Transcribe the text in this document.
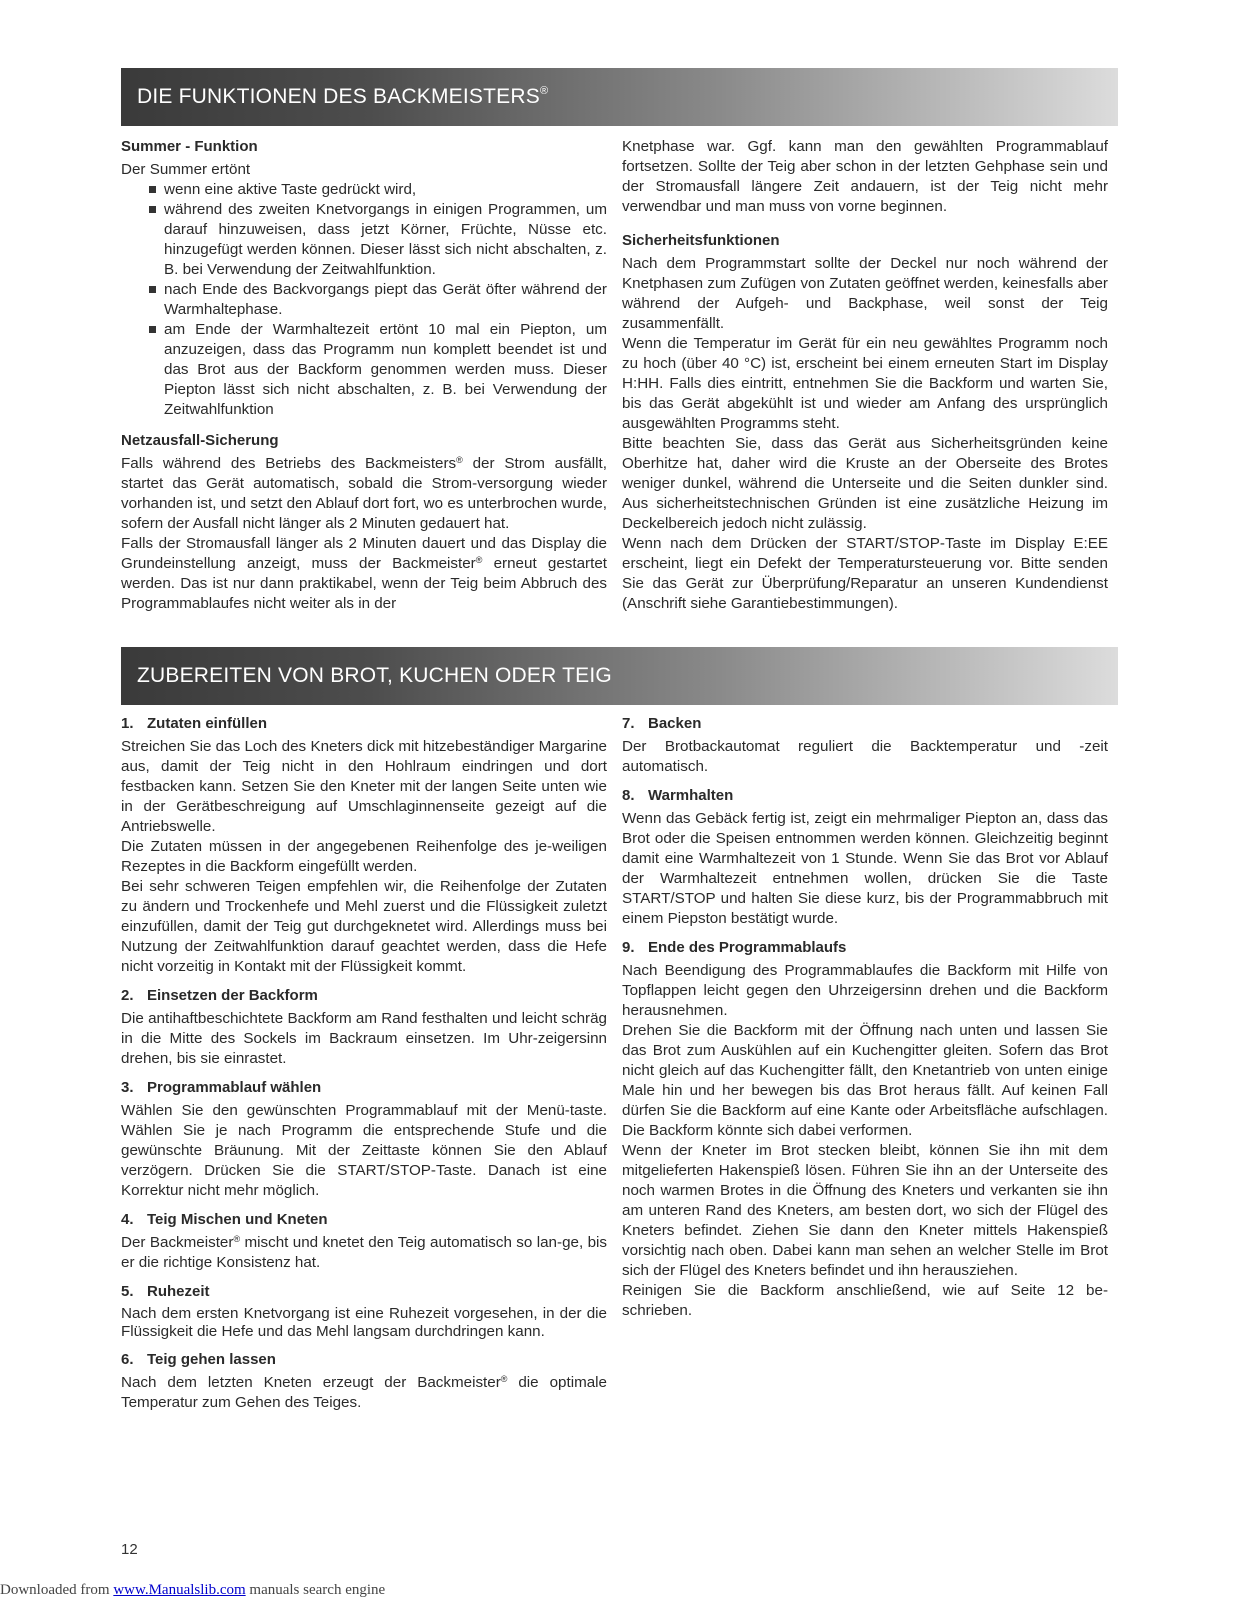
DIE FUNKTIONEN DES BACKMEISTERS®
Summer - Funktion

Der Summer ertönt

wenn eine aktive Taste gedrückt wird,
während des zweiten Knetvorgangs in einigen Programmen, um darauf hinzuweisen, dass jetzt Körner, Früchte, Nüsse etc. hinzugefügt werden können. Dieser lässt sich nicht abschalten, z. B. bei Verwendung der Zeitwahlfunktion.
nach Ende des Backvorgangs piept das Gerät öfter während der Warmhaltephase.
am Ende der Warmhaltezeit ertönt 10 mal ein Piepton, um anzuzeigen, dass das Programm nun komplett beendet ist und das Brot aus der Backform genommen werden muss. Dieser Piepton lässt sich nicht abschalten, z. B. bei Verwendung der Zeitwahlfunktion
Netzausfall-Sicherung

Falls während des Betriebs des Backmeisters® der Strom ausfällt, startet das Gerät automatisch, sobald die Strom-versorgung wieder vorhanden ist, und setzt den Ablauf dort fort, wo es unterbrochen wurde, sofern der Ausfall nicht länger als 2 Minuten gedauert hat.

Falls der Stromausfall länger als 2 Minuten dauert und das Display die Grundeinstellung anzeigt, muss der Backmeister® erneut gestartet werden. Das ist nur dann praktikabel, wenn der Teig beim Abbruch des Programmablaufes nicht weiter als in der

Knetphase war. Ggf. kann man den gewählten Programmablauf fortsetzen. Sollte der Teig aber schon in der letzten Gehphase sein und der Stromausfall längere Zeit andauern, ist der Teig nicht mehr verwendbar und man muss von vorne beginnen.

Sicherheitsfunktionen

Nach dem Programmstart sollte der Deckel nur noch während der Knetphasen zum Zufügen von Zutaten geöffnet werden, keinesfalls aber während der Aufgeh- und Backphase, weil sonst der Teig zusammenfällt.

Wenn die Temperatur im Gerät für ein neu gewähltes Programm noch zu hoch (über 40 °C) ist, erscheint bei einem erneuten Start im Display H:HH. Falls dies eintritt, entnehmen Sie die Backform und warten Sie, bis das Gerät abgekühlt ist und wieder am Anfang des ursprünglich ausgewählten Programms steht.

Bitte beachten Sie, dass das Gerät aus Sicherheitsgründen keine Oberhitze hat, daher wird die Kruste an der Oberseite des Brotes weniger dunkel, während die Unterseite und die Seiten dunkler sind. Aus sicherheitstechnischen Gründen ist eine zusätzliche Heizung im Deckelbereich jedoch nicht zulässig.

Wenn nach dem Drücken der START/STOP-Taste im Display E:EE erscheint, liegt ein Defekt der Temperatursteuerung vor. Bitte senden Sie das Gerät zur Überprüfung/Reparatur an unseren Kundendienst (Anschrift siehe Garantiebestimmungen).

ZUBEREITEN VON BROT, KUCHEN ODER TEIG
1. Zutaten einfüllen

Streichen Sie das Loch des Kneters dick mit hitzebeständiger Margarine aus, damit der Teig nicht in den Hohlraum eindringen und dort festbacken kann. Setzen Sie den Kneter mit der langen Seite unten wie in der Gerätbeschreigung auf Umschlaginnenseite gezeigt auf die Antriebswelle.

Die Zutaten müssen in der angegebenen Reihenfolge des je-weiligen Rezeptes in die Backform eingefüllt werden.

Bei sehr schweren Teigen empfehlen wir, die Reihenfolge der Zutaten zu ändern und Trockenhefe und Mehl zuerst und die Flüssigkeit zuletzt einzufüllen, damit der Teig gut durchgeknetet wird. Allerdings muss bei Nutzung der Zeitwahlfunktion darauf geachtet werden, dass die Hefe nicht vorzeitig in Kontakt mit der Flüssigkeit kommt.

2. Einsetzen der Backform

Die antihaftbeschichtete Backform am Rand festhalten und leicht schräg in die Mitte des Sockels im Backraum einsetzen. Im Uhr-zeigersinn drehen, bis sie einrastet.

3. Programmablauf wählen

Wählen Sie den gewünschten Programmablauf mit der Menü-taste. Wählen Sie je nach Programm die entsprechende Stufe und die gewünschte Bräunung. Mit der Zeittaste können Sie den Ablauf verzögern. Drücken Sie die START/STOP-Taste. Danach ist eine Korrektur nicht mehr möglich.

4. Teig Mischen und Kneten

Der Backmeister® mischt und knetet den Teig automatisch so lan-ge, bis er die richtige Konsistenz hat.

5. Ruhezeit

Nach dem ersten Knetvorgang ist eine Ruhezeit vorgesehen, in der die Flüssigkeit die Hefe und das Mehl langsam durchdringen kann.

6. Teig gehen lassen

Nach dem letzten Kneten erzeugt der Backmeister® die optimale Temperatur zum Gehen des Teiges.

7. Backen

Der Brotbackautomat reguliert die Backtemperatur und -zeit automatisch.

8. Warmhalten

Wenn das Gebäck fertig ist, zeigt ein mehrmaliger Piepton an, dass das Brot oder die Speisen entnommen werden können. Gleichzeitig beginnt damit eine Warmhaltezeit von 1 Stunde. Wenn Sie das Brot vor Ablauf der Warmhaltezeit entnehmen wollen, drücken Sie die Taste START/STOP und halten Sie diese kurz, bis der Programmabbruch mit einem Piepston bestätigt wurde.

9. Ende des Programmablaufs

Nach Beendigung des Programmablaufes die Backform mit Hilfe von Topflappen leicht gegen den Uhrzeigersinn drehen und die Backform herausnehmen.

Drehen Sie die Backform mit der Öffnung nach unten und lassen Sie das Brot zum Auskühlen auf ein Kuchengitter gleiten. Sofern das Brot nicht gleich auf das Kuchengitter fällt, den Knetantrieb von unten einige Male hin und her bewegen bis das Brot heraus fällt. Auf keinen Fall dürfen Sie die Backform auf eine Kante oder Arbeitsfläche aufschlagen. Die Backform könnte sich dabei verformen.

Wenn der Kneter im Brot stecken bleibt, können Sie ihn mit dem mitgelieferten Hakenspieß lösen. Führen Sie ihn an der Unterseite des noch warmen Brotes in die Öffnung des Kneters und verkanten sie ihn am unteren Rand des Kneters, am besten dort, wo sich der Flügel des Kneters befindet. Ziehen Sie dann den Kneter mittels Hakenspieß vorsichtig nach oben. Dabei kann man sehen an welcher Stelle im Brot sich der Flügel des Kneters befindet und ihn herausziehen.

Reinigen Sie die Backform anschließend, wie auf Seite 12 be-schrieben.

12
Downloaded from www.Manualslib.com manuals search engine
